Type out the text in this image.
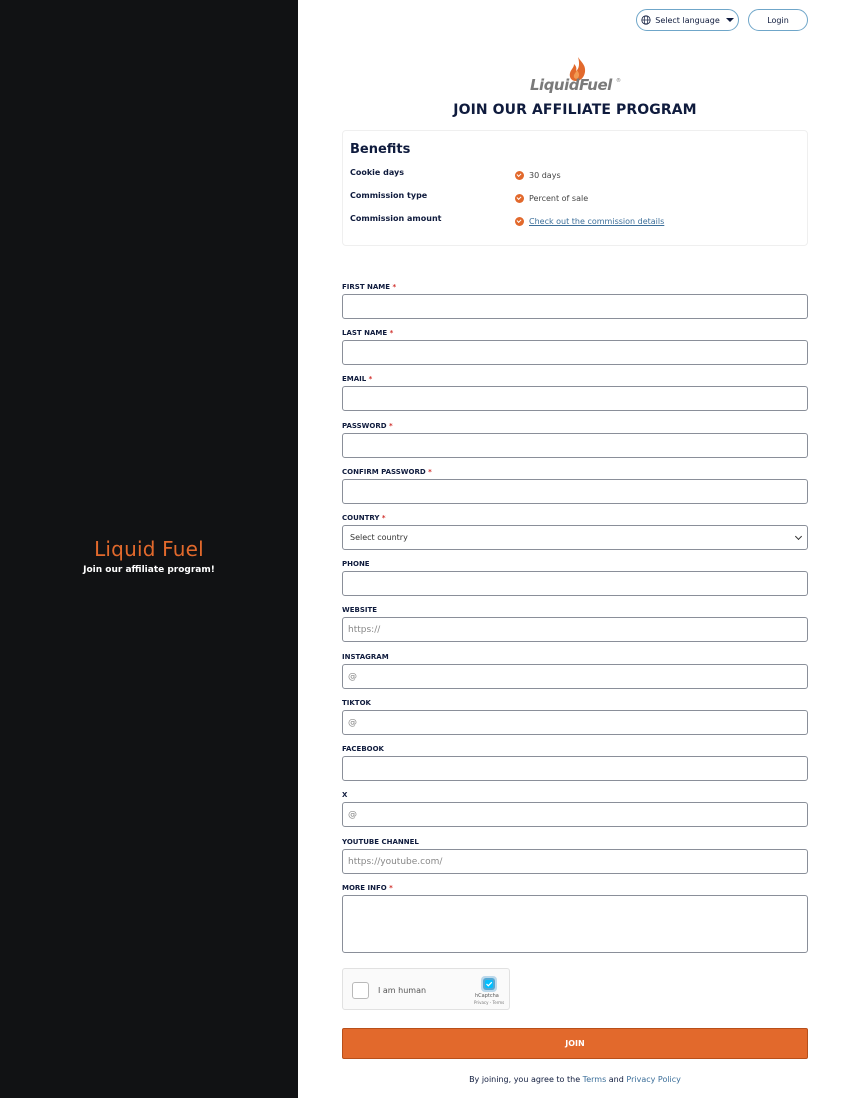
Liquid Fuel
Join our affiliate program!
Select language	Login
LiquidFuel ®
JOIN OUR AFFILIATE PROGRAM
Benefits
Cookie days	30 days
Commission type	Percent of sale
Commission amount	Check out the commission details
FIRST NAME *
LAST NAME *
EMAIL *
PASSWORD *
CONFIRM PASSWORD *
COUNTRY *
Select country
PHONE
WEBSITE
https://
INSTAGRAM
@
TIKTOK
@
FACEBOOK
X
@
YOUTUBE CHANNEL
https://youtube.com/
MORE INFO *
I am human
hCaptcha
Privacy - Terms
JOIN
By joining, you agree to the Terms and Privacy Policy
